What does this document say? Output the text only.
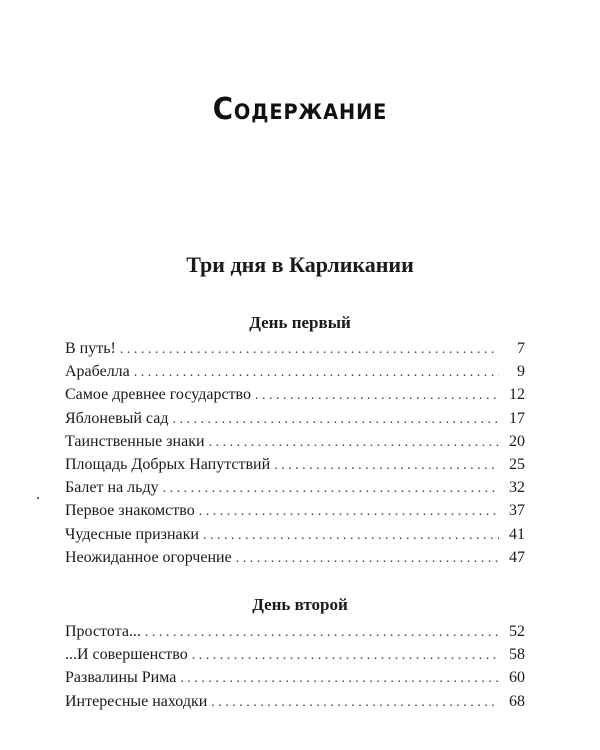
Содержание
Три дня в Карликании
День первый
В путь! . . .	7
Арабелла . . .	9
Самое древнее государство . . .	12
Яблоневый сад . . .	17
Таинственные знаки . . .	20
Площадь Добрых Напутствий . . .	25
Балет на льду . . .	32
Первое знакомство . . .	37
Чудесные признаки . . .	41
Неожиданное огорчение . . .	47
День второй
Простота... . . .	52
...И совершенство . . .	58
Развалины Рима . . .	60
Интересные находки . . .	68
